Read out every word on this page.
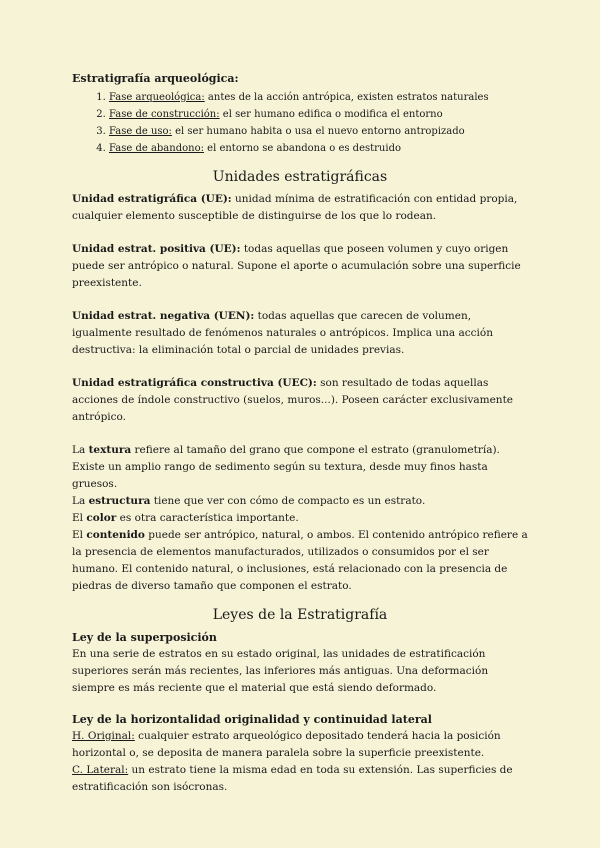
Estratigrafía arqueológica:
1. Fase arqueológica: antes de la acción antrópica, existen estratos naturales
2. Fase de construcción: el ser humano edifica o modifica el entorno
3. Fase de uso: el ser humano habita o usa el nuevo entorno antropizado
4. Fase de abandono: el entorno se abandona o es destruido
Unidades estratigráficas

Unidad estratigráfica (UE): unidad mínima de estratificación con entidad propia, cualquier elemento susceptible de distinguirse de los que lo rodean.

Unidad estrat. positiva (UE): todas aquellas que poseen volumen y cuyo origen puede ser antrópico o natural. Supone el aporte o acumulación sobre una superficie preexistente.

Unidad estrat. negativa (UEN): todas aquellas que carecen de volumen, igualmente resultado de fenómenos naturales o antrópicos. Implica una acción destructiva: la eliminación total o parcial de unidades previas.

Unidad estratigráfica constructiva (UEC): son resultado de todas aquellas acciones de índole constructivo (suelos, muros...). Poseen carácter exclusivamente antrópico.

La textura refiere al tamaño del grano que compone el estrato (granulometría). Existe un amplio rango de sedimento según su textura, desde muy finos hasta gruesos.

La estructura tiene que ver con cómo de compacto es un estrato.

El color es otra característica importante.

El contenido puede ser antrópico, natural, o ambos. El contenido antrópico refiere a la presencia de elementos manufacturados, utilizados o consumidos por el ser humano. El contenido natural, o inclusiones, está relacionado con la presencia de piedras de diverso tamaño que componen el estrato.

Leyes de la Estratigrafía
Ley de la superposición

En una serie de estratos en su estado original, las unidades de estratificación superiores serán más recientes, las inferiores más antiguas. Una deformación siempre es más reciente que el material que está siendo deformado.

Ley de la horizontalidad originalidad y continuidad lateral

H. Original: cualquier estrato arqueológico depositado tenderá hacia la posición horizontal o, se deposita de manera paralela sobre la superficie preexistente.

C. Lateral: un estrato tiene la misma edad en toda su extensión. Las superficies de estratificación son isócronas.
